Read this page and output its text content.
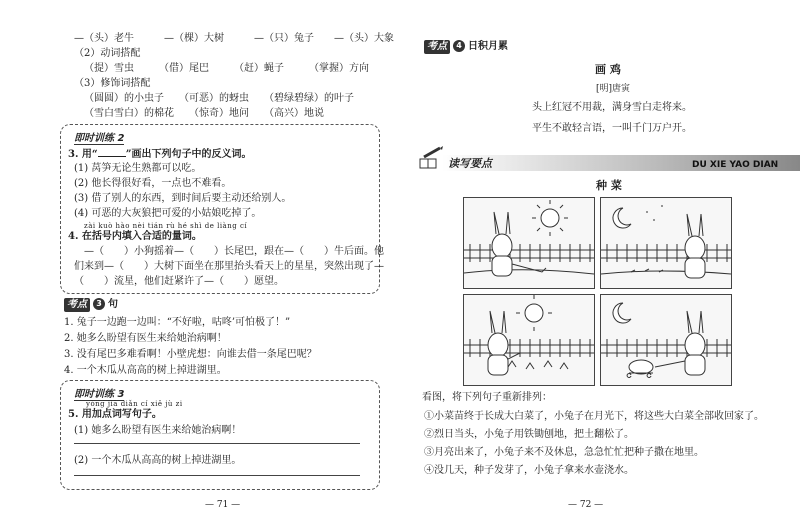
—（头）老牛　　　—（棵）大树　　　—（只）兔子　　—（头）大象
（2）动词搭配
（提）雪虫　　　（借）尾巴　　　（赶）蝇子　　　（掌握）方向
（3）修饰词搭配
（圆圆）的小虫子　　（可恶）的蚜虫　　（碧绿碧绿）的叶子
（雪白雪白）的棉花　　（惊奇）地问　　（高兴）地说
即时训练 2
3. 用“	”画出下列句子中的反义词。
(1) 莴笋无论生熟都可以吃。
(2) 他长得很好看，一点也不难看。
(3) 借了别人的东西，到时间后要主动还给别人。
(4) 可恶的大灰狼把可爱的小姑娘吃掉了。
zài kuò hào nèi tián rù hé shì de liàng cí
4. 在括号内填入合适的量词。
—（　　）小狗摇着—（　　）长尾巴，跟在—（　　）牛后面。他
们来到—（　　）大树下面坐在那里抬头看天上的星星，突然出现了—
（　　）流星，他们赶紧许了—（　　）愿望。
考点 3 句
1. 兔子一边跑一边叫：“不好啦，咕咚’可怕极了！”
2. 她多么盼望有医生来给她治病啊！
3. 没有尾巴多难看啊！小壁虎想：向谁去借一条尾巴呢？
4. 一个木瓜从高高的树上掉进湖里。
即时训练 3
yòng jiā diǎn cí xiě jù zi
5. 用加点词写句子。
(1) 她多么盼望有医生来给她治病啊！
(2) 一个木瓜从高高的树上掉进湖里。
— 71 —
考点 4 日积月累
画 鸡
[明]唐寅
头上红冠不用裁，满身雪白走将来。
平生不敢轻言语，一叫千门万户开。
读写要点	DU XIE YAO DIAN
种 菜
看图，将下列句子重新排列：
①小菜苗终于长成大白菜了，小兔子在月光下，将这些大白菜全部收回家了。
②烈日当头，小兔子用铁锄刨地，把土翻松了。
③月亮出来了，小兔子来不及休息，急急忙忙把种子撒在地里。
④没几天，种子发芽了，小兔子拿来水壶浇水。
— 72 —
